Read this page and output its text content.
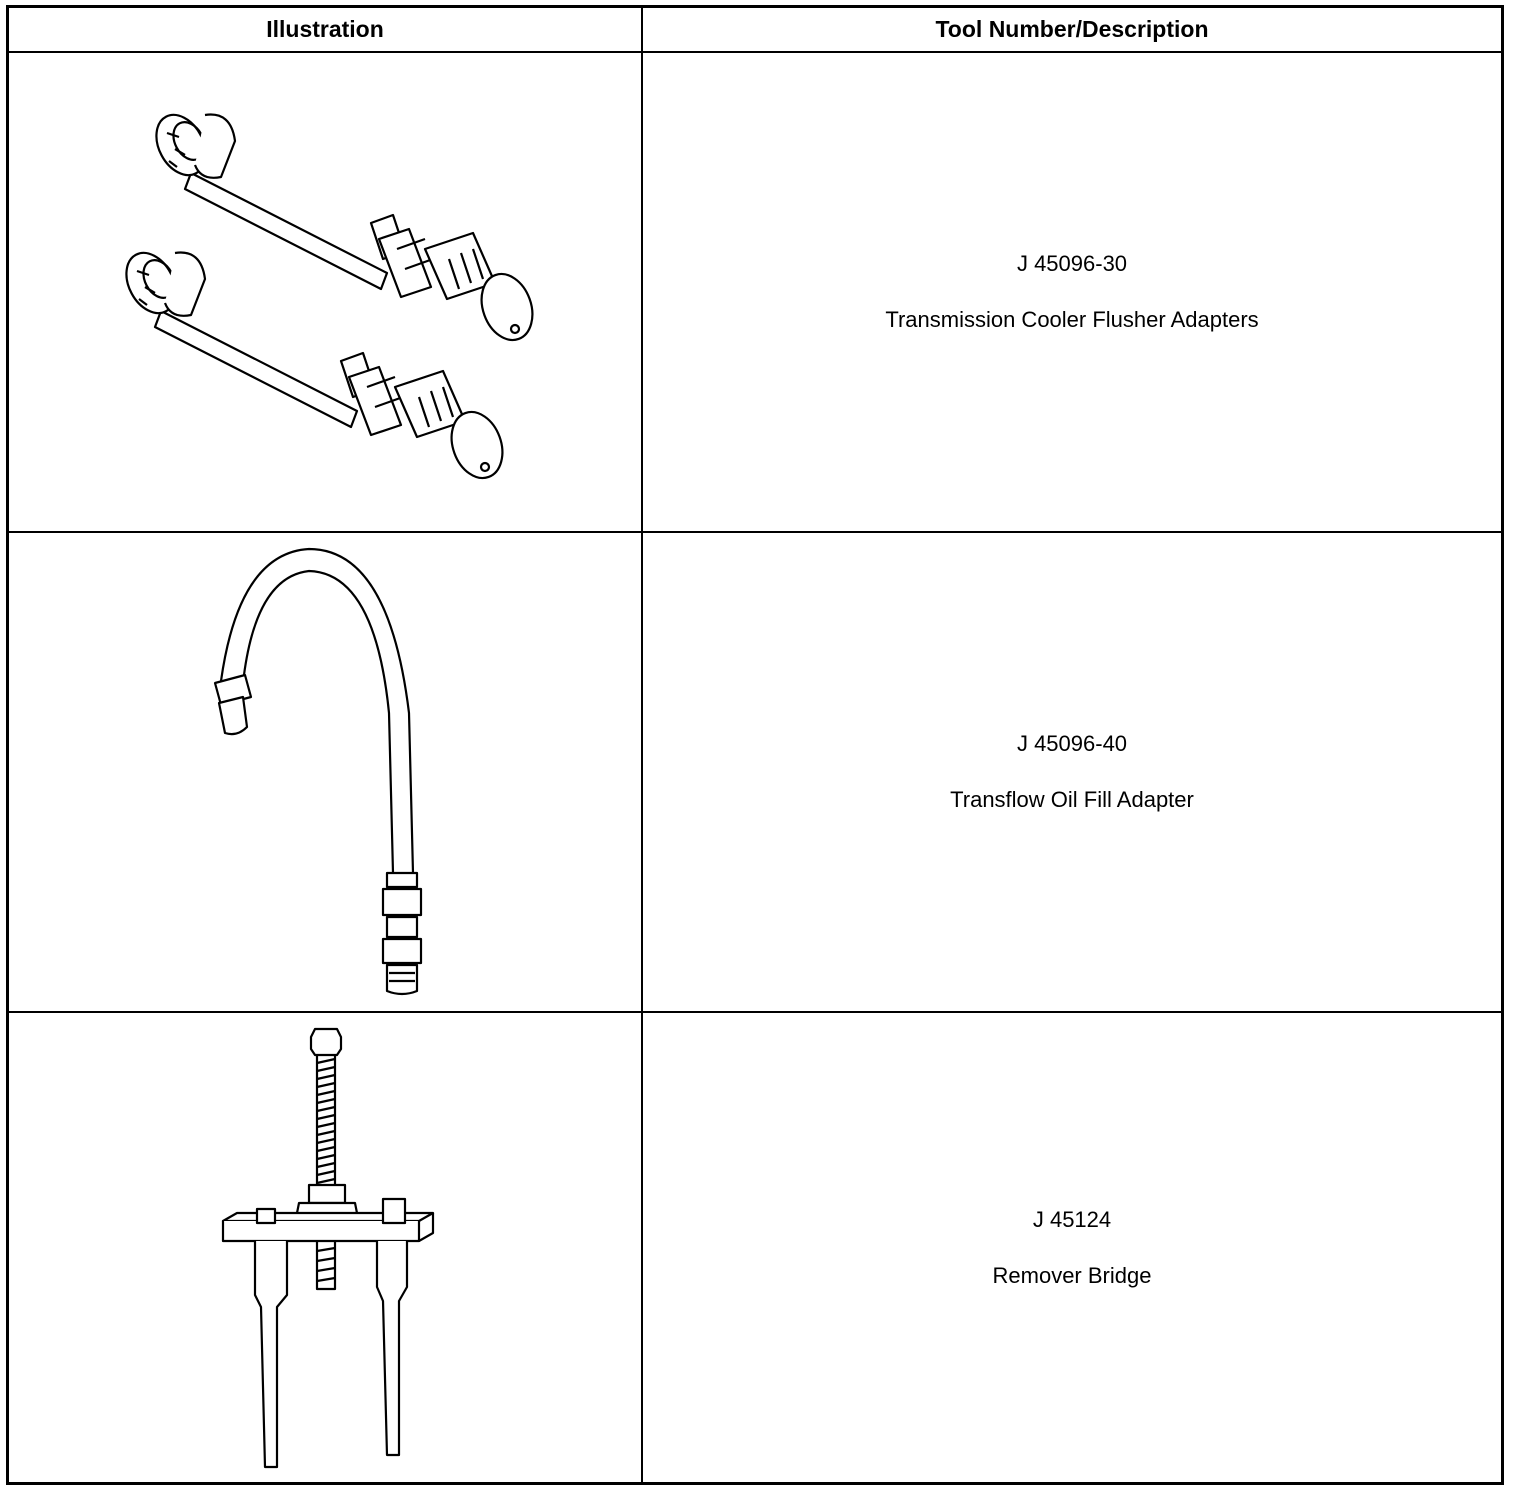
Illustration	Tool Number/Description
J 45096-30
Transmission Cooler Flusher Adapters
J 45096-40
Transflow Oil Fill Adapter
J 45124
Remover Bridge
